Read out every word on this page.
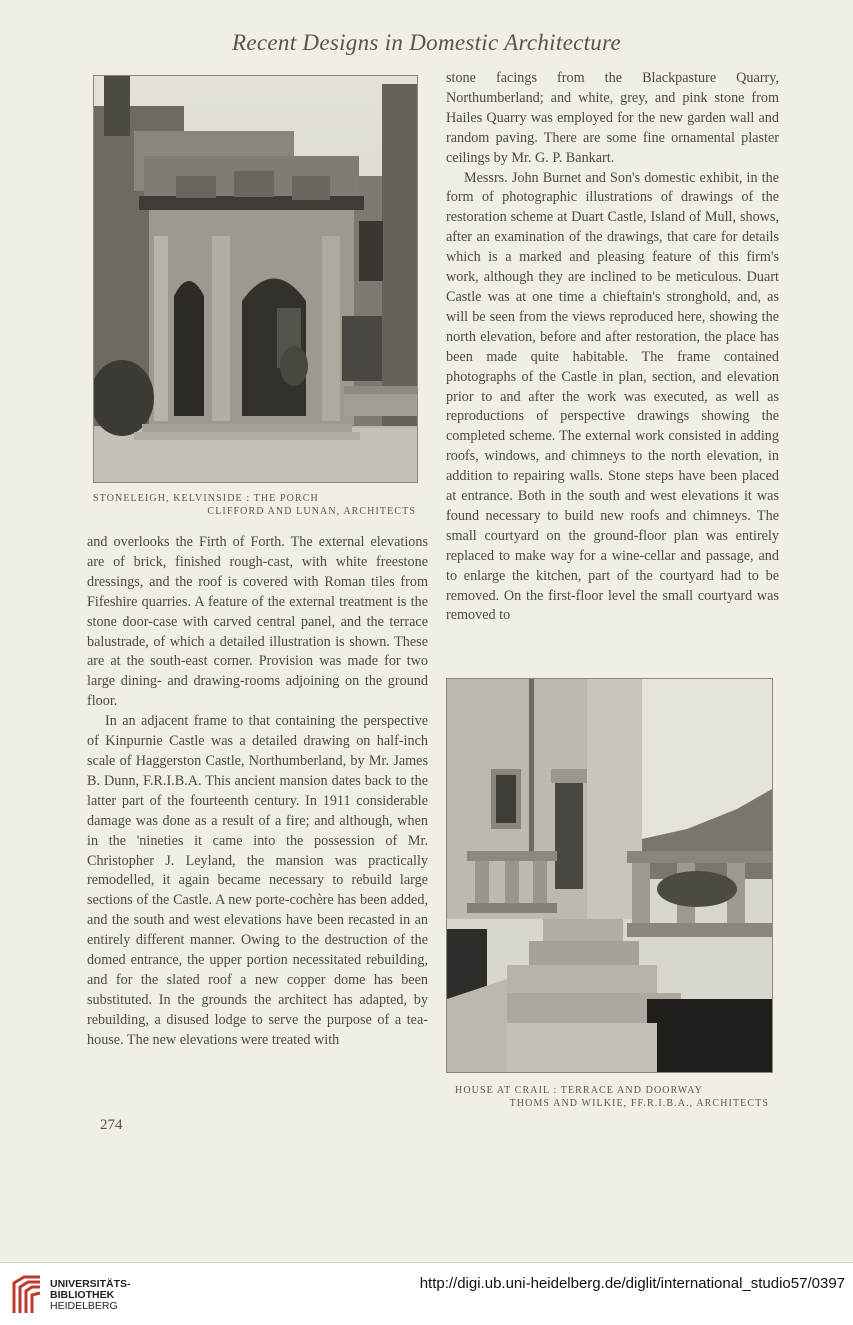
Recent Designs in Domestic Architecture
STONELEIGH, KELVINSIDE : THE PORCH
CLIFFORD AND LUNAN, ARCHITECTS

and overlooks the Firth of Forth. The external elevations are of brick, finished rough-cast, with white freestone dressings, and the roof is covered with Roman tiles from Fifeshire quarries. A feature of the external treatment is the stone door-case with carved central panel, and the terrace balustrade, of which a detailed illustration is shown. These are at the south-east corner. Provision was made for two large dining- and drawing-rooms adjoining on the ground floor.

In an adjacent frame to that containing the perspective of Kinpurnie Castle was a detailed drawing on half-inch scale of Haggerston Castle, Northumberland, by Mr. James B. Dunn, F.R.I.B.A. This ancient mansion dates back to the latter part of the fourteenth century. In 1911 considerable damage was done as a result of a fire; and although, when in the 'nineties it came into the possession of Mr. Christopher J. Leyland, the mansion was practically remodelled, it again became necessary to rebuild large sections of the Castle. A new porte-cochère has been added, and the south and west elevations have been recasted in an entirely different manner. Owing to the destruction of the domed entrance, the upper portion necessitated rebuilding, and for the slated roof a new copper dome has been substituted. In the grounds the architect has adapted, by rebuilding, a disused lodge to serve the purpose of a tea-house. The new elevations were treated with

274

stone facings from the Blackpasture Quarry, Northumberland; and white, grey, and pink stone from Hailes Quarry was employed for the new garden wall and random paving. There are some fine ornamental plaster ceilings by Mr. G. P. Bankart.

Messrs. John Burnet and Son's domestic exhibit, in the form of photographic illustrations of drawings of the restoration scheme at Duart Castle, Island of Mull, shows, after an examination of the drawings, that care for details which is a marked and pleasing feature of this firm's work, although they are inclined to be meticulous. Duart Castle was at one time a chieftain's stronghold, and, as will be seen from the views reproduced here, showing the north elevation, before and after restoration, the place has been made quite habitable. The frame contained photographs of the Castle in plan, section, and elevation prior to and after the work was executed, as well as reproductions of perspective drawings showing the completed scheme. The external work consisted in adding roofs, windows, and chimneys to the north elevation, in addition to repairing walls. Stone steps have been placed at entrance. Both in the south and west elevations it was found necessary to build new roofs and chimneys. The small courtyard on the ground-floor plan was entirely replaced to make way for a wine-cellar and passage, and to enlarge the kitchen, part of the courtyard had to be removed. On the first-floor level the small courtyard was removed to

HOUSE AT CRAIL : TERRACE AND DOORWAY
THOMS AND WILKIE, FF.R.I.B.A., ARCHITECTS
UNIVERSITÄTS-
BIBLIOTHEK
HEIDELBERG
http://digi.ub.uni-heidelberg.de/diglit/international_studio57/0397
